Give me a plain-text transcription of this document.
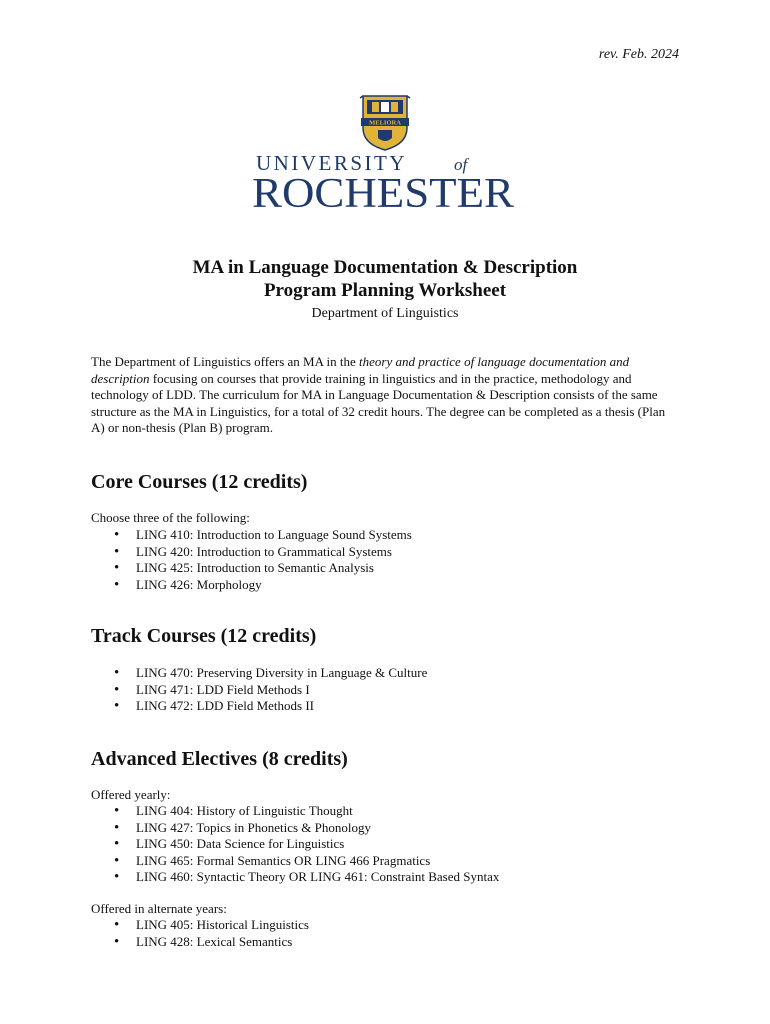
rev. Feb. 2024
MELIORA
UNIVERSITY	of
ROCHESTER

MA in Language Documentation & Description

Program Planning Worksheet

Department of Linguistics

The Department of Linguistics offers an MA in the theory and practice of language documentation and description focusing on courses that provide training in linguistics and in the practice, methodology and technology of LDD. The curriculum for MA in Language Documentation & Description consists of the same structure as the MA in Linguistics, for a total of 32 credit hours. The degree can be completed as a thesis (Plan A) or non-thesis (Plan B) program.

Core Courses (12 credits)

Choose three of the following:

• LING 410: Introduction to Language Sound Systems
• LING 420: Introduction to Grammatical Systems
• LING 425: Introduction to Semantic Analysis
• LING 426: Morphology
Track Courses (12 credits)
• LING 470: Preserving Diversity in Language & Culture
• LING 471: LDD Field Methods I
• LING 472: LDD Field Methods II
Advanced Electives (8 credits)

Offered yearly:

• LING 404: History of Linguistic Thought
• LING 427: Topics in Phonetics & Phonology
• LING 450: Data Science for Linguistics
• LING 465: Formal Semantics OR LING 466 Pragmatics
• LING 460: Syntactic Theory OR LING 461: Constraint Based Syntax

Offered in alternate years:

• LING 405: Historical Linguistics
• LING 428: Lexical Semantics
